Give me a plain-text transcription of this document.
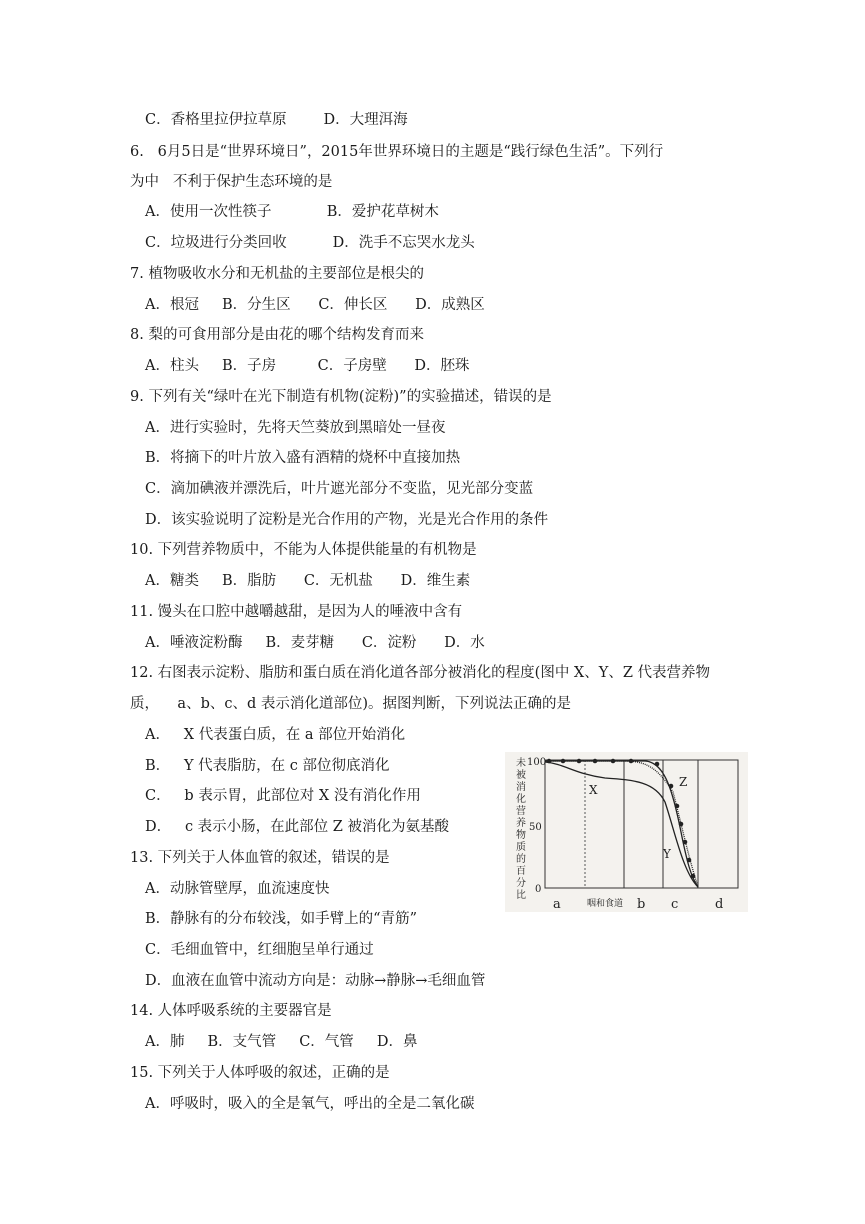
C．香格里拉伊拉草原        D．大理洱海
6.   6月5日是“世界环境日”，2015年世界环境日的主题是“践行绿色生活”。下列行
为中   不利于保护生态环境的是
A．使用一次性筷子            B．爱护花草树木
C．垃圾进行分类回收          D．洗手不忘哭水龙头
7. 植物吸收水分和无机盐的主要部位是根尖的
A．根冠     B．分生区      C．伸长区      D．成熟区
8. 梨的可食用部分是由花的哪个结构发育而来
A．柱头     B．子房         C．子房壁      D．胚珠
9. 下列有关“绿叶在光下制造有机物(淀粉)”的实验描述，错误的是
A．进行实验时，先将天竺葵放到黑暗处一昼夜
B．将摘下的叶片放入盛有酒精的烧杯中直接加热
C．滴加碘液并漂洗后，叶片遮光部分不变监，见光部分变蓝
D．该实验说明了淀粉是光合作用的产物，光是光合作用的条件
10. 下列营养物质中，不能为人体提供能量的有机物是
A．糖类     B．脂肪      C．无机盐      D．维生素
11. 馒头在口腔中越嚼越甜，是因为人的唾液中含有
A．唾液淀粉酶     B．麦芽糖      C．淀粉      D．水
12. 右图表示淀粉、脂肪和蛋白质在消化道各部分被消化的程度(图中 X、Y、Z 代表营养物
质，    a、b、c、d 表示消化道部位)。据图判断，下列说法正确的是
A．   X 代表蛋白质，在 a 部位开始消化
B．   Y 代表脂肪，在 c 部位彻底消化
C．   b 表示胃，此部位对 X 没有消化作用
D．   c 表示小肠，在此部位 Z 被消化为氨基酸
13. 下列关于人体血管的叙述，错误的是
A．动脉管壁厚，血流速度快
B．静脉有的分布较浅，如手臂上的“青筋”
C．毛细血管中，红细胞呈单行通过
D．血液在血管中流动方向是：动脉→静脉→毛细血管
14. 人体呼吸系统的主要器官是
A．肺     B．支气管     C．气管     D．鼻
15. 下列关于人体呼吸的叙述，正确的是
A．呼吸时，吸入的全是氧气，呼出的全是二氧化碳
未
被
消
化
营
养
物
质
的
百
分
比
100
50
0
X
Y
Z
a	咽和食道 b c	d
